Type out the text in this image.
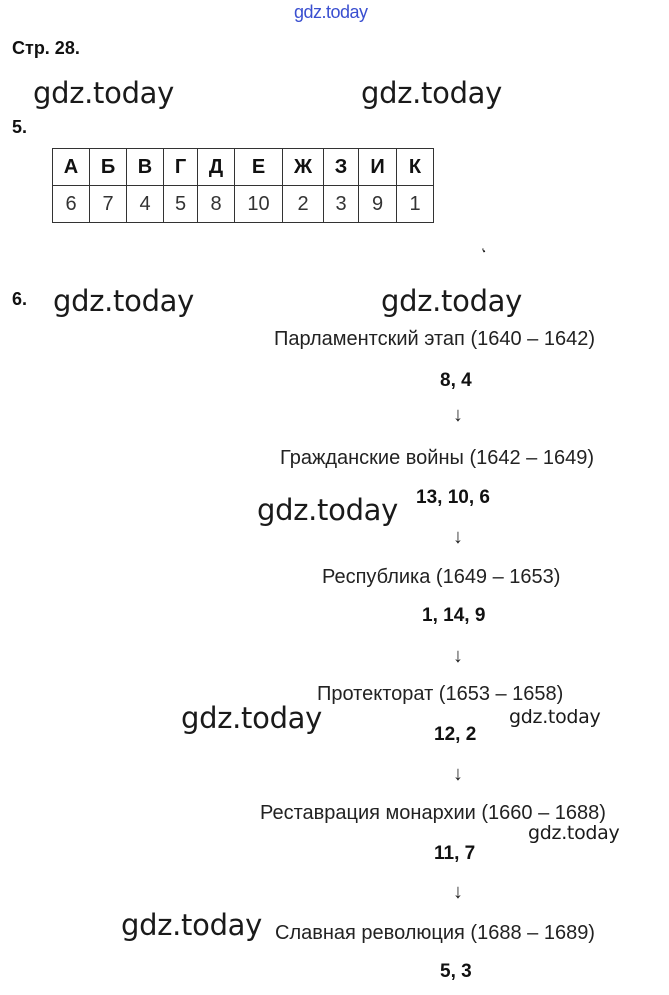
gdz.today
Стр. 28.
gdz.today	gdz.today
gdz.today	gdz.today
gdz.today
gdz.today	gdz.today
gdz.today
gdz.today
5.
А	Б	В	Г	Д	Е	Ж	З	И	К
6	7	4	5	8	10	2	3	9	1
‘
6.
Парламентский этап (1640 – 1642)
8, 4
↓
Гражданские войны (1642 – 1649)
13, 10, 6
↓
Республика (1649 – 1653)
1, 14, 9
↓
Протекторат (1653 – 1658)
12, 2
↓
Реставрация монархии (1660 – 1688)
11, 7
↓
Славная революция (1688 – 1689)
5, 3
